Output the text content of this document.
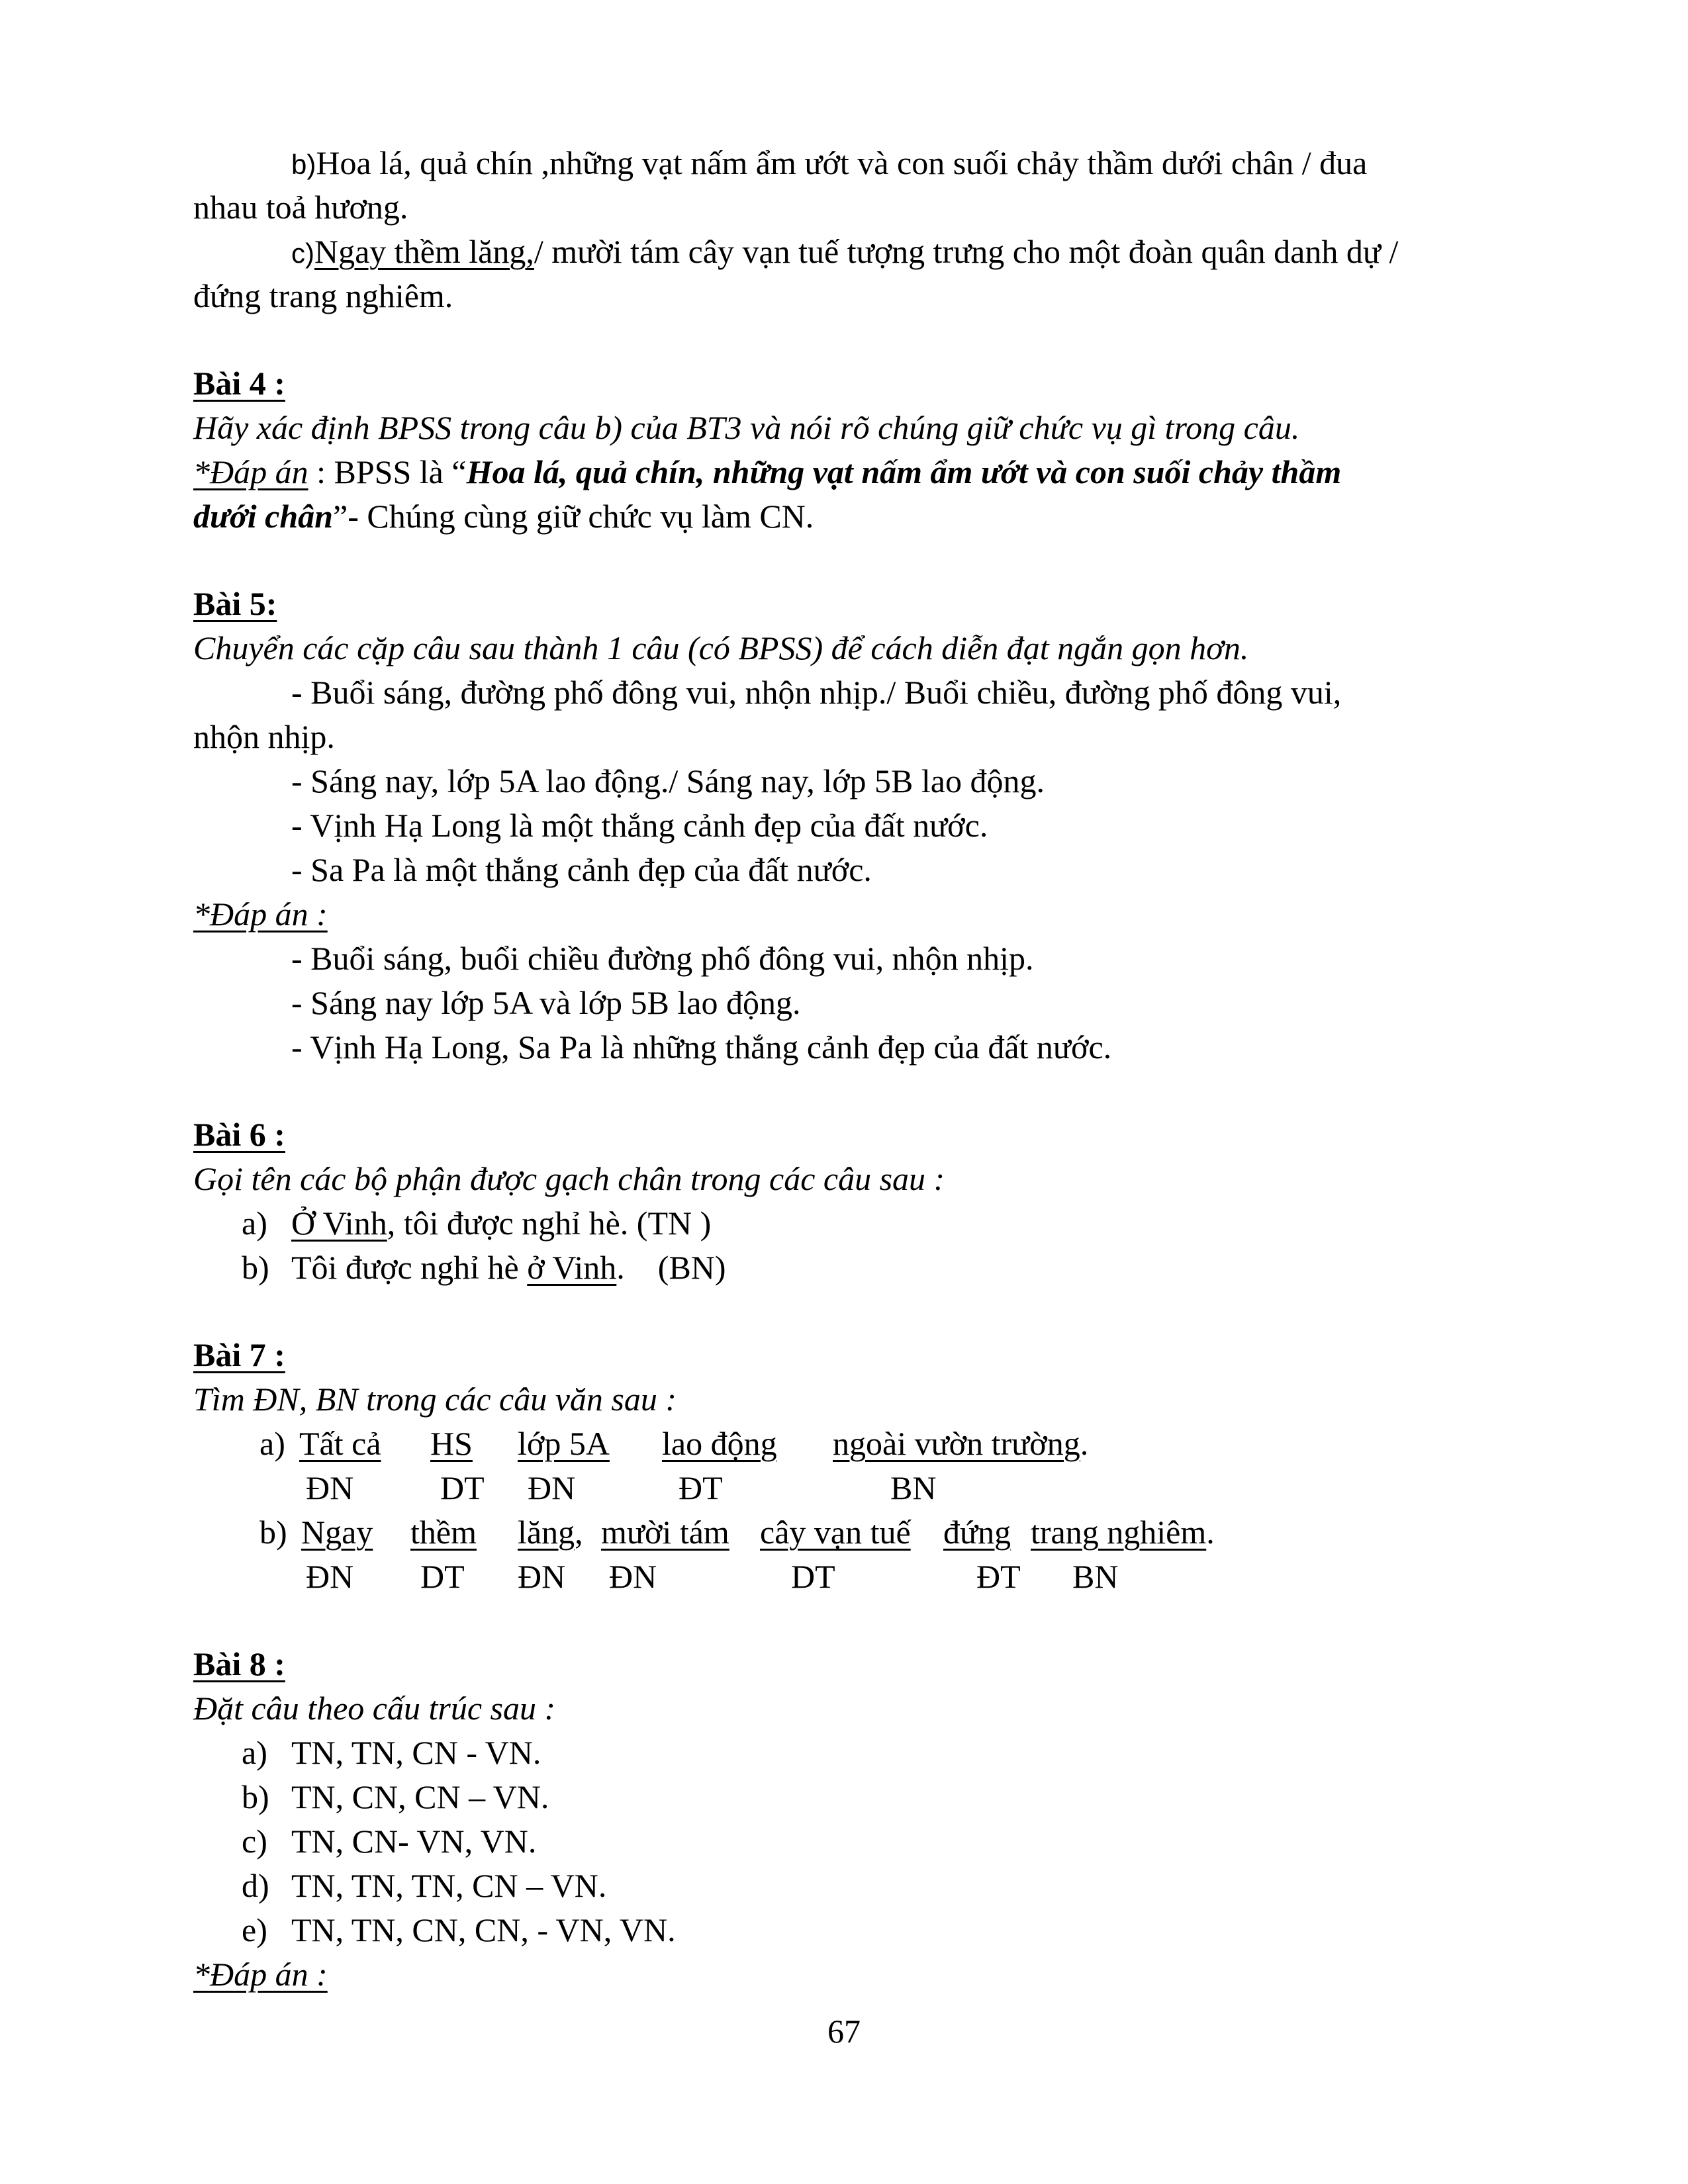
b)Hoa lá, quả chín ,những vạt nấm ẩm ướt và con suối chảy thầm dưới chân / đua
nhau toả hương.
c)Ngay thềm lăng,/ mười tám cây vạn tuế tượng trưng cho một đoàn quân danh dự /
đứng trang nghiêm.
Bài 4 :
Hãy xác định BPSS trong câu b) của BT3 và nói rõ chúng giữ chức vụ gì trong câu.
*Đáp án : BPSS là “Hoa lá, quả chín, những vạt nấm ẩm ướt và con suối chảy thầm
dưới chân”- Chúng cùng giữ chức vụ làm CN.
Bài 5:
Chuyển các cặp câu sau thành 1 câu (có BPSS) để cách diễn đạt ngắn gọn hơn.
- Buổi sáng, đường phố đông vui, nhộn nhịp./ Buổi chiều, đường phố đông vui,
nhộn nhịp.
- Sáng nay, lớp 5A lao động./ Sáng nay, lớp 5B lao động.
- Vịnh Hạ Long là một thắng cảnh đẹp của đất nước.
- Sa Pa là một thắng cảnh đẹp của đất nước.
*Đáp án :
- Buổi sáng, buổi chiều đường phố đông vui, nhộn nhịp.
- Sáng nay lớp 5A và lớp 5B lao động.
- Vịnh Hạ Long, Sa Pa là những thắng cảnh đẹp của đất nước.
Bài 6 :
Gọi tên các bộ phận được gạch chân trong các câu sau :
a) Ở Vinh, tôi được nghỉ hè. (TN )
b) Tôi được nghỉ hè ở Vinh.    (BN)
Bài 7 :
Tìm ĐN, BN trong các câu văn sau :
a) Tất cả HS lớp 5A lao động ngoài vườn trường.
ĐN	DT ĐN	ĐT	BN
b) Ngay thềm lăng, mười tám cây vạn tuế đứng trang nghiêm.
ĐN DT ĐN ĐN	DT	ĐT BN
Bài 8 :
Đặt câu theo cấu trúc sau :
a) TN, TN, CN - VN.
b) TN, CN, CN – VN.
c) TN, CN- VN, VN.
d) TN, TN, TN, CN – VN.
e) TN, TN, CN, CN, - VN, VN.
*Đáp án :
67
